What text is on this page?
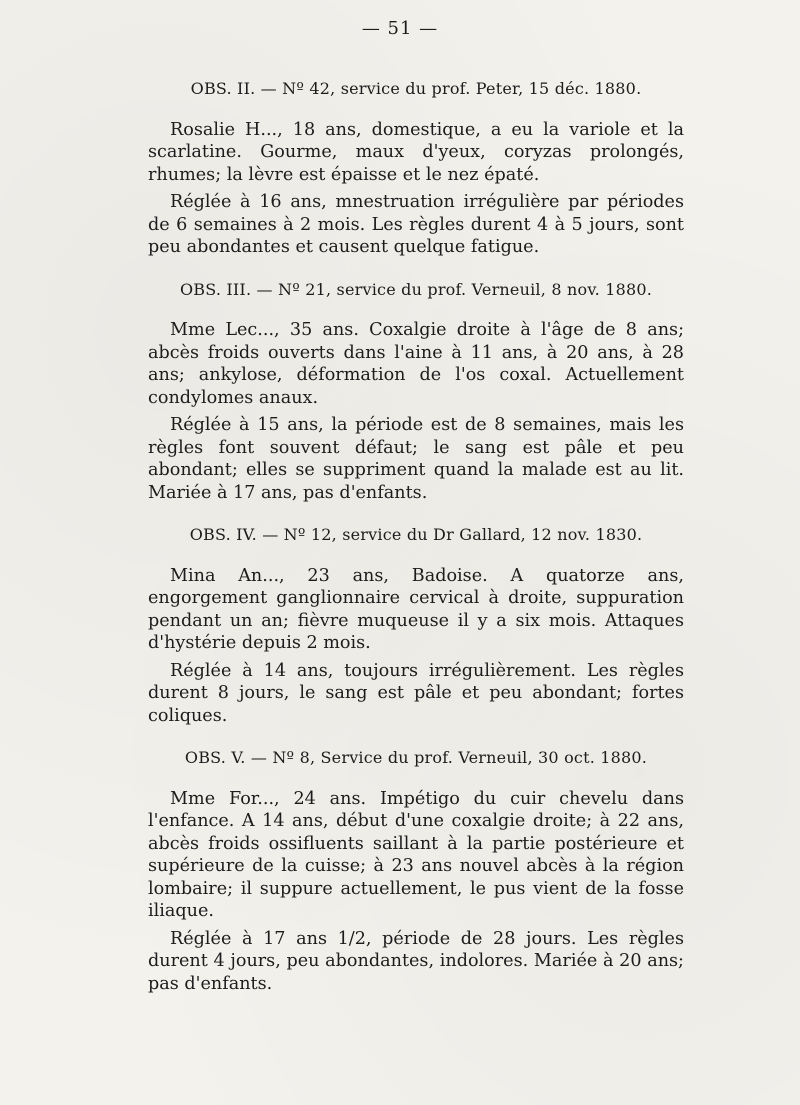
— 51 —
OBS. II. — Nº 42, service du prof. Peter, 15 déc. 1880.

Rosalie H..., 18 ans, domestique, a eu la variole et la scarlatine. Gourme, maux d'yeux, coryzas prolongés, rhumes; la lèvre est épaisse et le nez épaté.

Réglée à 16 ans, mnestruation irrégulière par périodes de 6 semaines à 2 mois. Les règles durent 4 à 5 jours, sont peu abondantes et causent quelque fatigue.

OBS. III. — Nº 21, service du prof. Verneuil, 8 nov. 1880.

Mme Lec..., 35 ans. Coxalgie droite à l'âge de 8 ans; abcès froids ouverts dans l'aine à 11 ans, à 20 ans, à 28 ans; ankylose, déformation de l'os coxal. Actuellement condylomes anaux.

Réglée à 15 ans, la période est de 8 semaines, mais les règles font souvent défaut; le sang est pâle et peu abondant; elles se suppriment quand la malade est au lit. Mariée à 17 ans, pas d'enfants.

OBS. IV. — Nº 12, service du Dr Gallard, 12 nov. 1830.

Mina An..., 23 ans, Badoise. A quatorze ans, engorgement ganglionnaire cervical à droite, suppuration pendant un an; fièvre muqueuse il y a six mois. Attaques d'hystérie depuis 2 mois.

Réglée à 14 ans, toujours irrégulièrement. Les règles durent 8 jours, le sang est pâle et peu abondant; fortes coliques.

OBS. V. — Nº 8, Service du prof. Verneuil, 30 oct. 1880.

Mme For..., 24 ans. Impétigo du cuir chevelu dans l'enfance. A 14 ans, début d'une coxalgie droite; à 22 ans, abcès froids ossifluents saillant à la partie postérieure et supérieure de la cuisse; à 23 ans nouvel abcès à la région lombaire; il suppure actuellement, le pus vient de la fosse iliaque.

Réglée à 17 ans 1/2, période de 28 jours. Les règles durent 4 jours, peu abondantes, indolores. Mariée à 20 ans; pas d'enfants.
